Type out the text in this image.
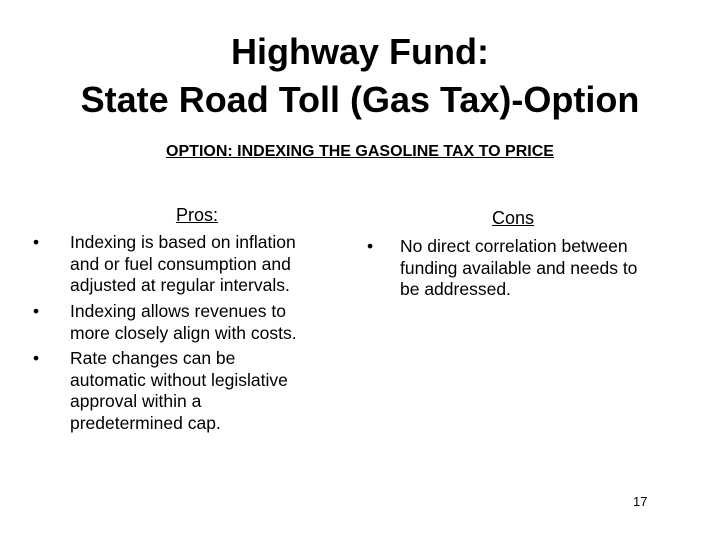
Highway Fund:
State Road Toll (Gas Tax)-Option
OPTION: INDEXING THE GASOLINE TAX TO PRICE
Pros:
• Indexing is based on inflation
and or fuel consumption and
adjusted at regular intervals.
• Indexing allows revenues to
more closely align with costs.
• Rate changes can be
automatic without legislative
approval within a
predetermined cap.
Cons
• No direct correlation between
funding available and needs to
be addressed.
17
